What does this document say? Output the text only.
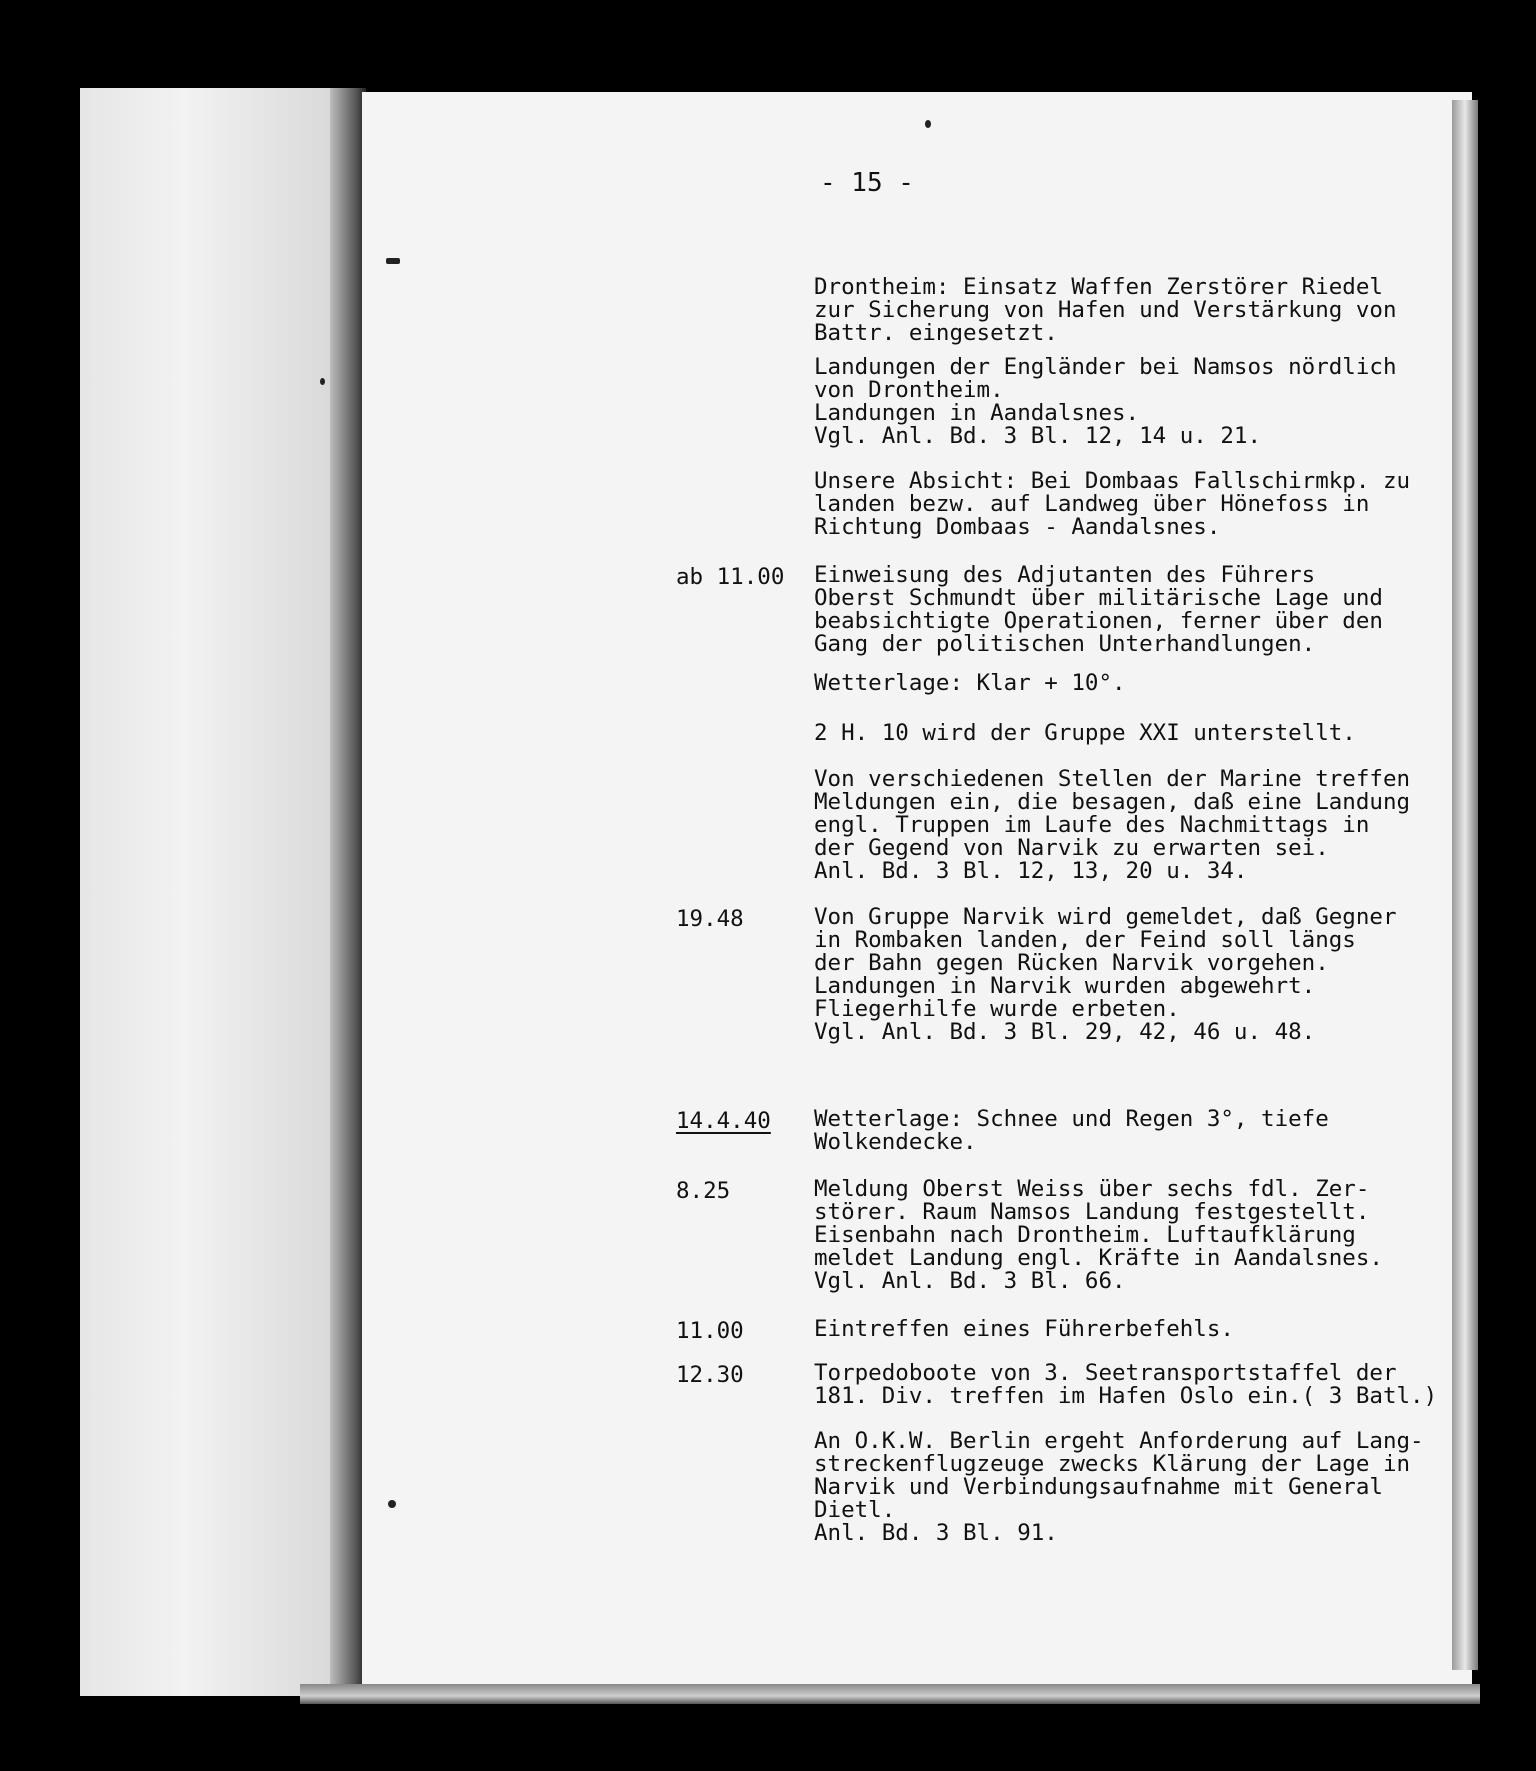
- 15 -
Drontheim: Einsatz Waffen Zerstörer Riedel
zur Sicherung von Hafen und Verstärkung von
Battr. eingesetzt.
Landungen der Engländer bei Namsos nördlich
von Drontheim.
Landungen in Aandalsnes.
Vgl. Anl. Bd. 3 Bl. 12, 14 u. 21.
Unsere Absicht: Bei Dombaas Fallschirmkp. zu
landen bezw. auf Landweg über Hönefoss in
Richtung Dombaas - Aandalsnes.
ab 11.00 Einweisung des Adjutanten des Führers
Oberst Schmundt über militärische Lage und
beabsichtigte Operationen, ferner über den
Gang der politischen Unterhandlungen.
Wetterlage: Klar + 10°.
2 H. 10 wird der Gruppe XXI unterstellt.
Von verschiedenen Stellen der Marine treffen
Meldungen ein, die besagen, daß eine Landung
engl. Truppen im Laufe des Nachmittags in
der Gegend von Narvik zu erwarten sei.
Anl. Bd. 3 Bl. 12, 13, 20 u. 34.
19.48	Von Gruppe Narvik wird gemeldet, daß Gegner
in Rombaken landen, der Feind soll längs
der Bahn gegen Rücken Narvik vorgehen.
Landungen in Narvik wurden abgewehrt.
Fliegerhilfe wurde erbeten.
Vgl. Anl. Bd. 3 Bl. 29, 42, 46 u. 48.
14.4.40 Wetterlage: Schnee und Regen 3°, tiefe
Wolkendecke.
8.25	Meldung Oberst Weiss über sechs fdl. Zer-
störer. Raum Namsos Landung festgestellt.
Eisenbahn nach Drontheim. Luftaufklärung
meldet Landung engl. Kräfte in Aandalsnes.
Vgl. Anl. Bd. 3 Bl. 66.
11.00	Eintreffen eines Führerbefehls.
12.30	Torpedoboote von 3. Seetransportstaffel der
181. Div. treffen im Hafen Oslo ein.( 3 Batl.)
An O.K.W. Berlin ergeht Anforderung auf Lang-
streckenflugzeuge zwecks Klärung der Lage in
Narvik und Verbindungsaufnahme mit General
Dietl.
Anl. Bd. 3 Bl. 91.
